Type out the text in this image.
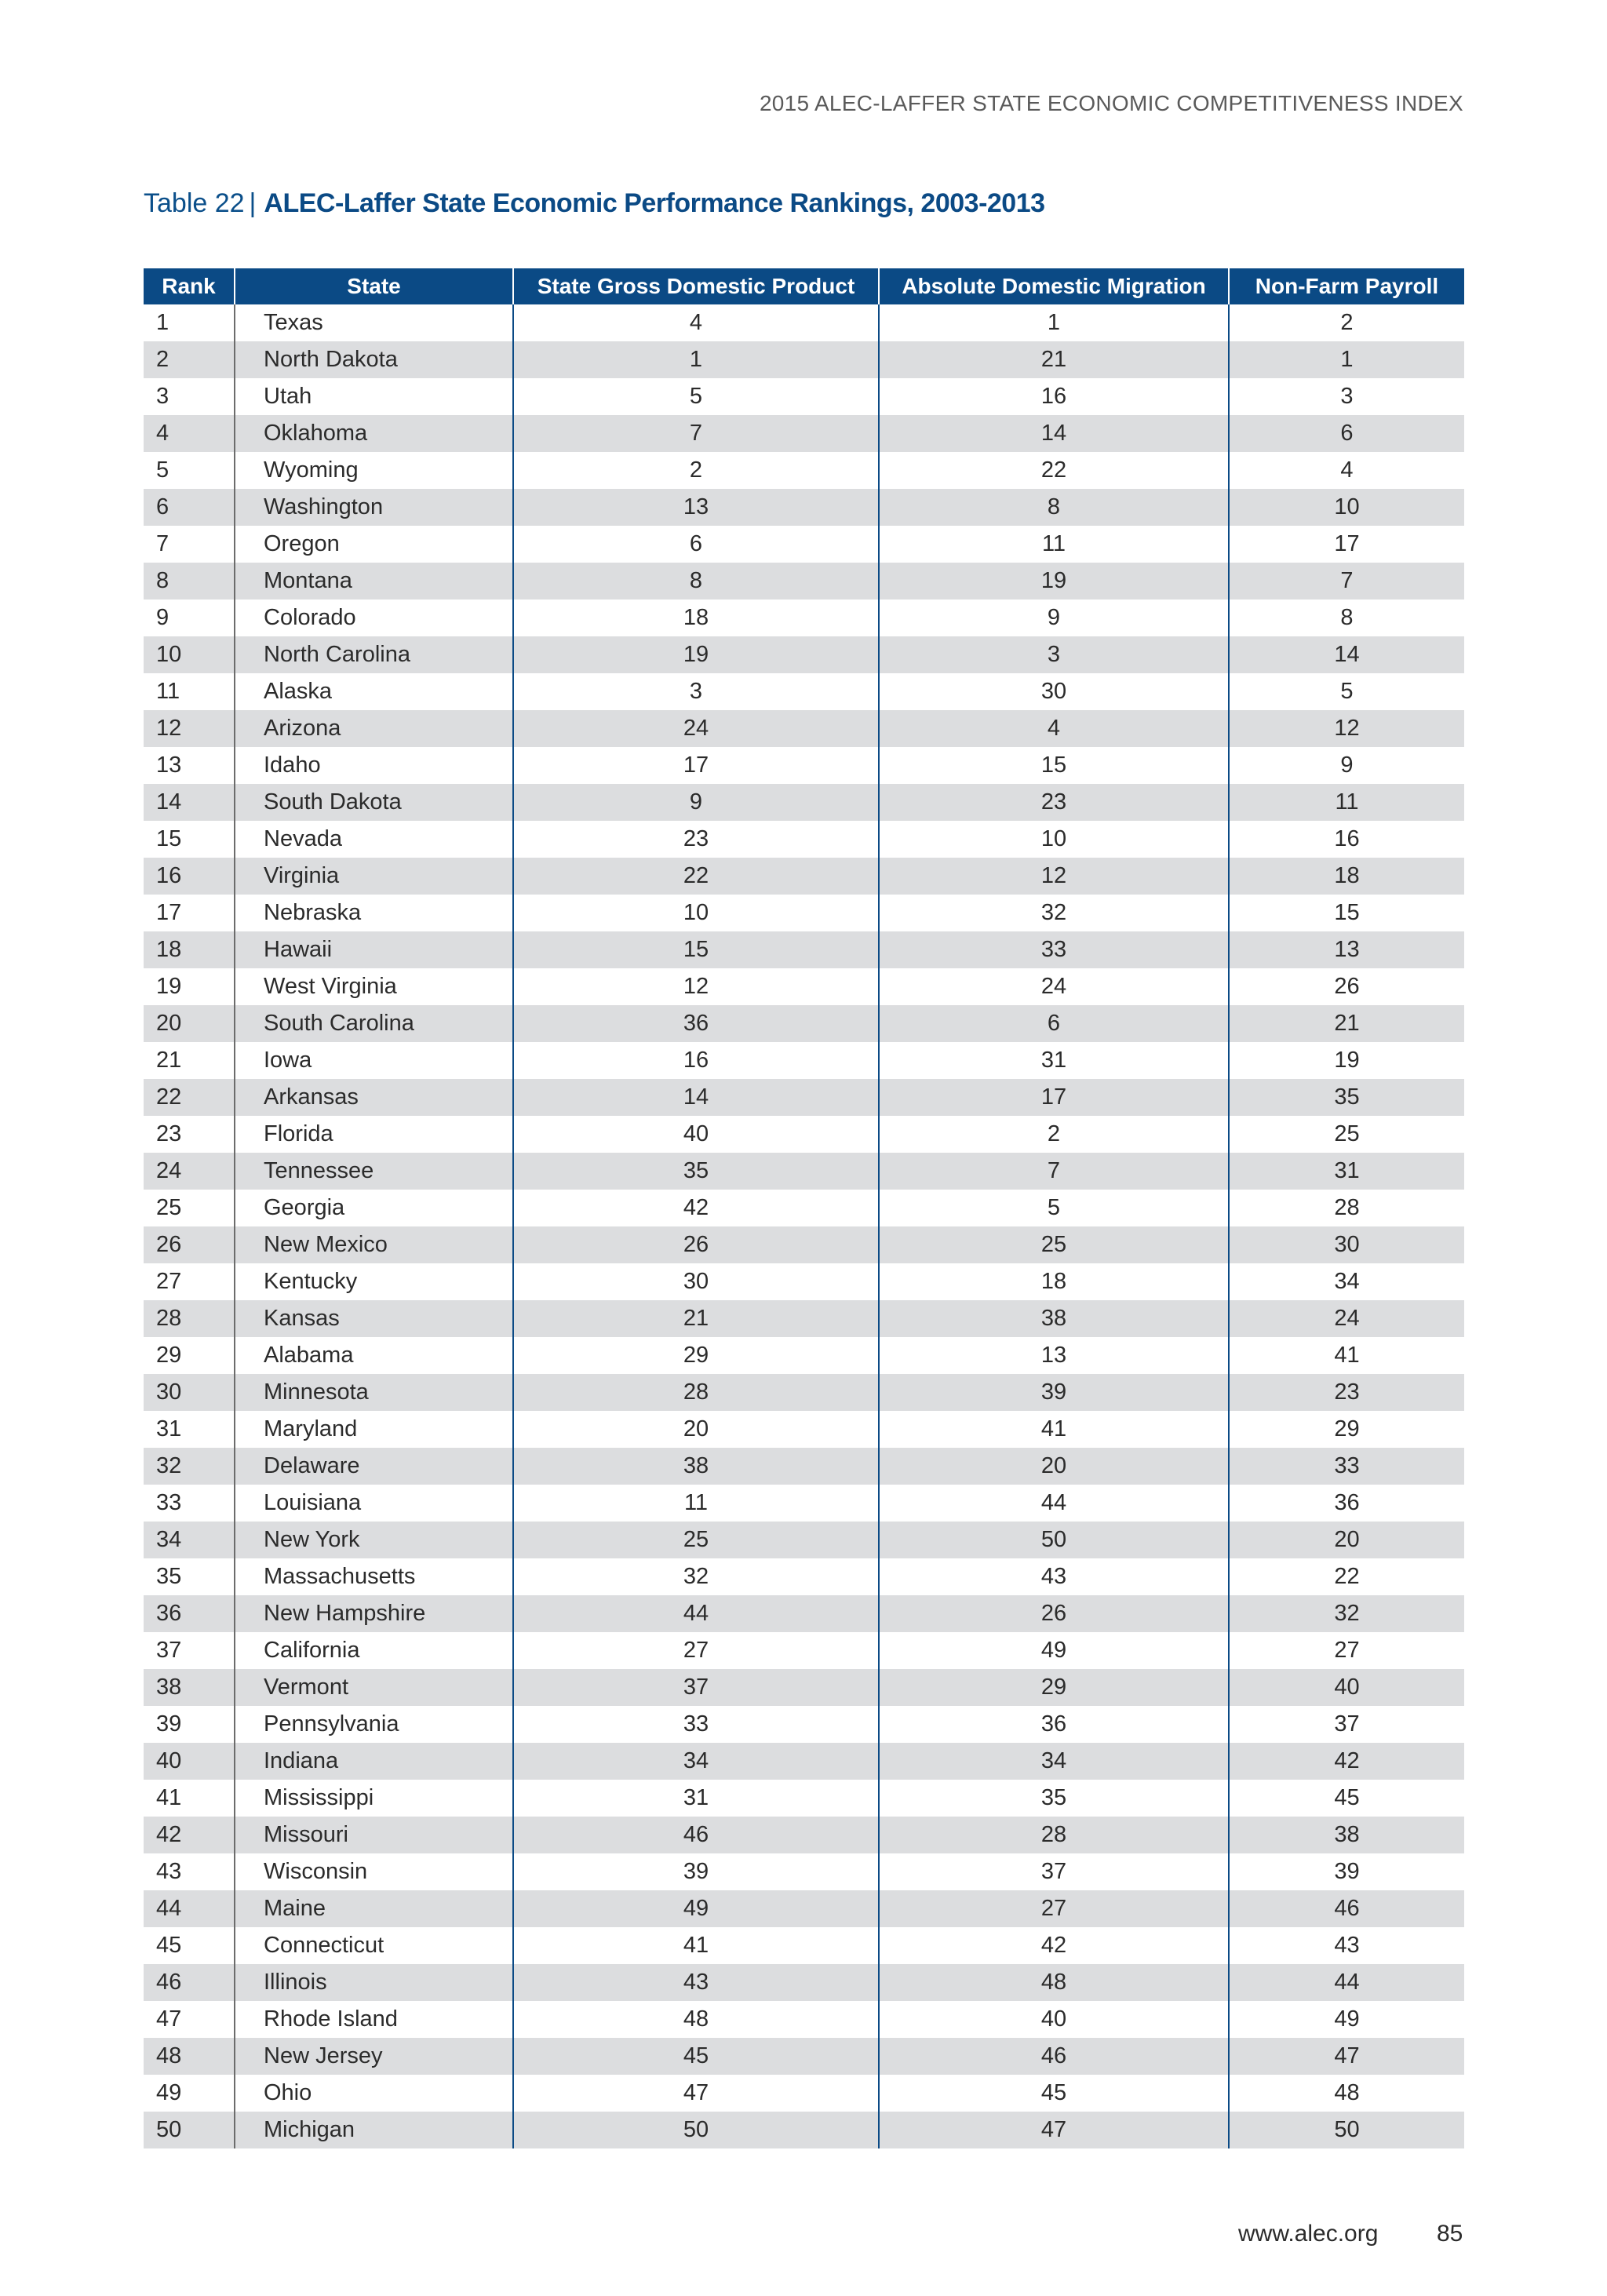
2015 ALEC-LAFFER STATE ECONOMIC COMPETITIVENESS INDEX
Table 22 | ALEC-Laffer State Economic Performance Rankings, 2003-2013
Rank	State	State Gross Domestic Product	Absolute Domestic Migration	Non-Farm Payroll
1	Texas	4	1	2
2	North Dakota	1	21	1
3	Utah	5	16	3
4	Oklahoma	7	14	6
5	Wyoming	2	22	4
6	Washington	13	8	10
7	Oregon	6	11	17
8	Montana	8	19	7
9	Colorado	18	9	8
10	North Carolina	19	3	14
11	Alaska	3	30	5
12	Arizona	24	4	12
13	Idaho	17	15	9
14	South Dakota	9	23	11
15	Nevada	23	10	16
16	Virginia	22	12	18
17	Nebraska	10	32	15
18	Hawaii	15	33	13
19	West Virginia	12	24	26
20	South Carolina	36	6	21
21	Iowa	16	31	19
22	Arkansas	14	17	35
23	Florida	40	2	25
24	Tennessee	35	7	31
25	Georgia	42	5	28
26	New Mexico	26	25	30
27	Kentucky	30	18	34
28	Kansas	21	38	24
29	Alabama	29	13	41
30	Minnesota	28	39	23
31	Maryland	20	41	29
32	Delaware	38	20	33
33	Louisiana	11	44	36
34	New York	25	50	20
35	Massachusetts	32	43	22
36	New Hampshire	44	26	32
37	California	27	49	27
38	Vermont	37	29	40
39	Pennsylvania	33	36	37
40	Indiana	34	34	42
41	Mississippi	31	35	45
42	Missouri	46	28	38
43	Wisconsin	39	37	39
44	Maine	49	27	46
45	Connecticut	41	42	43
46	Illinois	43	48	44
47	Rhode Island	48	40	49
48	New Jersey	45	46	47
49	Ohio	47	45	48
50	Michigan	50	47	50
www.alec.org 85
